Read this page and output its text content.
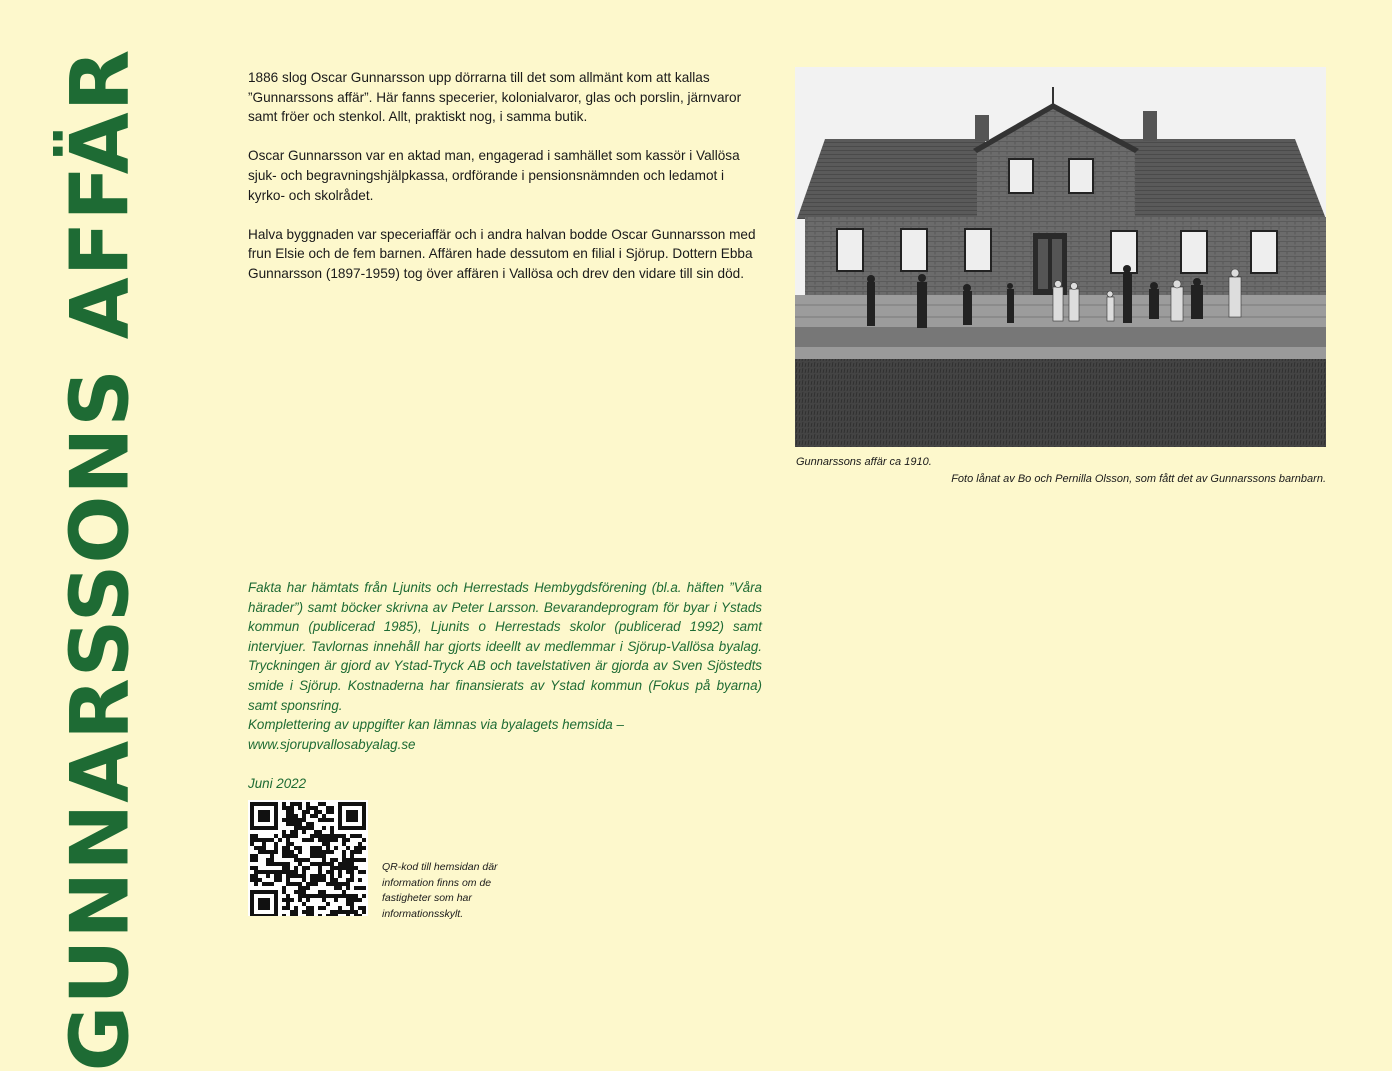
GUNNARSSONS AFFÄR	1886 slog Oscar Gunnarsson upp dörrarna till det som allmänt kom att kallas ”Gunnarssons affär”. Här fanns specerier, kolonialvaror, glas och porslin, järnvaror samt fröer och stenkol. Allt, praktiskt nog, i samma butik.

Oscar Gunnarsson var en aktad man, engagerad i samhället som kassör i Vallösa sjuk- och begravningshjälpkassa, ordförande i pensionsnämnden och ledamot i kyrko- och skolrådet.

Halva byggnaden var speceriaffär och i andra halvan bodde Oscar Gunnarsson med frun Elsie och de fem barnen. Affären hade dessutom en filial i Sjörup. Dottern Ebba Gunnarsson (1897-1959) tog över affären i Vallösa och drev den vidare till sin död.

Gunnarssons affär ca 1910.
Foto lånat av Bo och Pernilla Olsson, som fått det av Gunnarssons barnbarn.

Fakta har hämtats från Ljunits och Herrestads Hembygdsförening (bl.a. häften ”Våra härader”) samt böcker skrivna av Peter Larsson. Bevarandeprogram för byar i Ystads kommun (publicerad 1985), Ljunits o Herrestads skolor (publicerad 1992) samt intervjuer. Tavlornas innehåll har gjorts ideellt av medlemmar i Sjörup-Vallösa byalag. Tryckningen är gjord av Ystad-Tryck AB och tavelstativen är gjorda av Sven Sjöstedts smide i Sjörup. Kostnaderna har finansierats av Ystad kommun (Fokus på byarna) samt sponsring.

Komplettering av uppgifter kan lämnas via byalagets hemsida – www.sjorupvallosabyalag.se

Juni 2022

QR-kod till hemsidan där information finns om de fastigheter som har informationsskylt.
